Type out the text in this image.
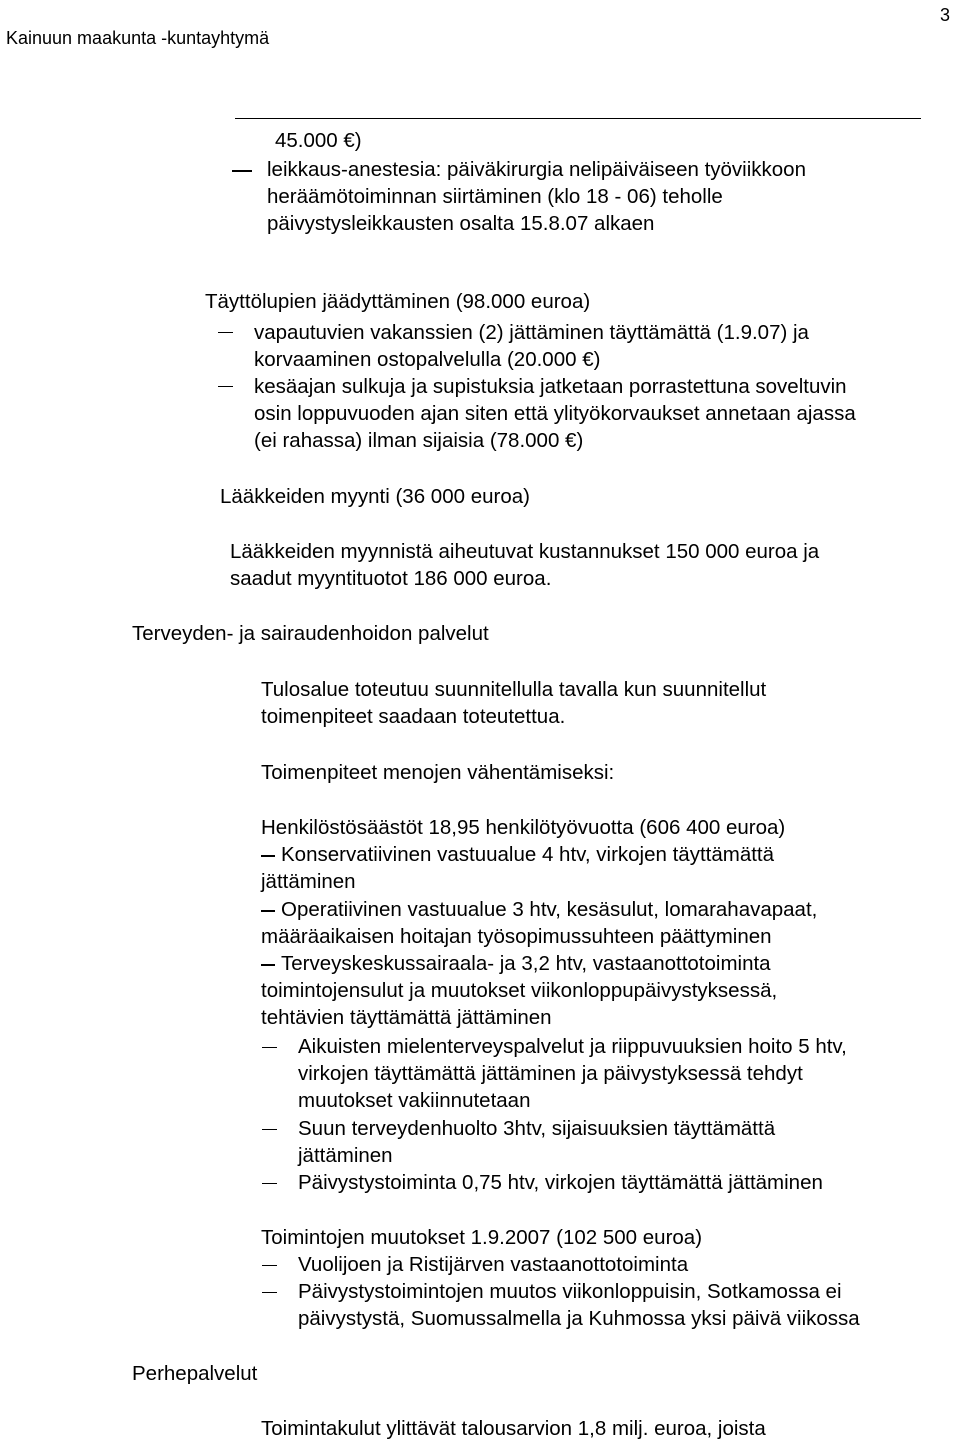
Kainuun maakunta -kuntayhtymä
3
45.000 €)
leikkaus-anestesia: päiväkirurgia nelipäiväiseen työviikkoon
heräämötoiminnan siirtäminen (klo 18 - 06) teholle
päivystysleikkausten osalta 15.8.07 alkaen
Täyttölupien jäädyttäminen (98.000 euroa)
vapautuvien vakanssien (2) jättäminen täyttämättä (1.9.07) ja
korvaaminen ostopalvelulla (20.000 €)
kesäajan sulkuja ja supistuksia jatketaan porrastettuna soveltuvin
osin loppuvuoden ajan siten että ylityökorvaukset annetaan ajassa
(ei rahassa) ilman sijaisia (78.000 €)
Lääkkeiden myynti (36 000 euroa)
Lääkkeiden myynnistä aiheutuvat kustannukset 150 000 euroa ja
saadut myyntituotot 186 000 euroa.
Terveyden- ja sairaudenhoidon palvelut
Tulosalue toteutuu suunnitellulla tavalla kun suunnitellut
toimenpiteet saadaan toteutettua.
Toimenpiteet menojen vähentämiseksi:
Henkilöstösäästöt 18,95 henkilötyövuotta (606 400 euroa)
Konservatiivinen vastuualue 4 htv, virkojen täyttämättä
jättäminen
Operatiivinen vastuualue 3 htv, kesäsulut, lomarahavapaat,
määräaikaisen hoitajan työsopimussuhteen päättyminen
Terveyskeskussairaala- ja 3,2 htv, vastaanottotoiminta
toimintojensulut ja muutokset viikonloppupäivystyksessä,
tehtävien täyttämättä jättäminen
Aikuisten mielenterveyspalvelut ja riippuvuuksien hoito 5 htv,
virkojen täyttämättä jättäminen ja päivystyksessä tehdyt
muutokset vakiinnutetaan
Suun terveydenhuolto 3htv, sijaisuuksien täyttämättä
jättäminen
Päivystystoiminta 0,75 htv, virkojen täyttämättä jättäminen
Toimintojen muutokset 1.9.2007 (102 500 euroa)
Vuolijoen ja Ristijärven vastaanottotoiminta
Päivystystoimintojen muutos viikonloppuisin, Sotkamossa ei
päivystystä, Suomussalmella ja Kuhmossa yksi päivä viikossa
Perhepalvelut
Toimintakulut ylittävät talousarvion 1,8 milj. euroa, joista
